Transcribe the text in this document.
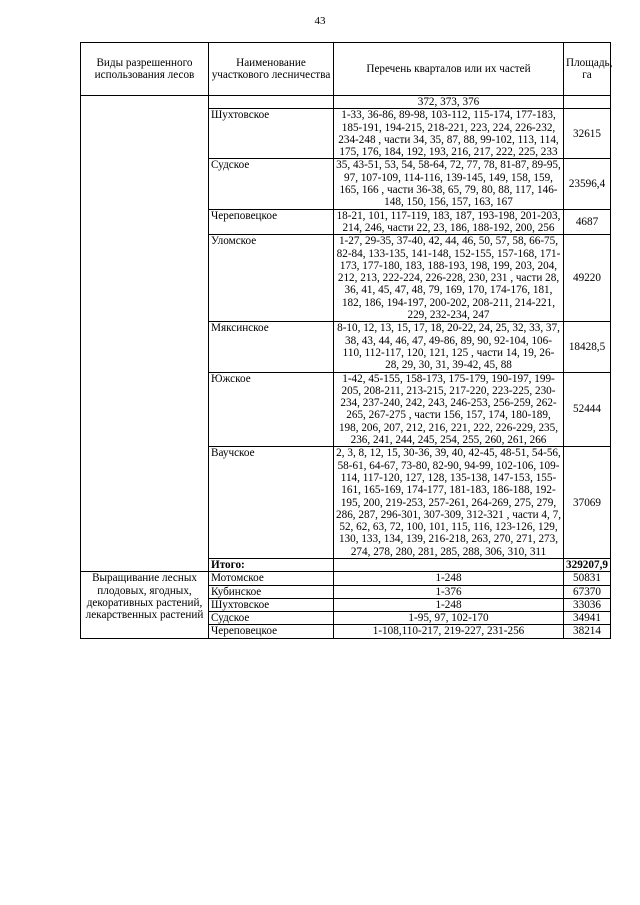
43
Виды разрешенного использования лесов	Наименование участкового лесничества	Перечень кварталов или их частей	Площадь, га
		372, 373, 376	
	Шухтовское	1-33, 36-86, 89-98, 103-112, 115-174, 177-183, 185-191, 194-215, 218-221, 223, 224, 226-232, 234-248 , части 34, 35, 87, 88, 99-102, 113, 114, 175, 176, 184, 192, 193, 216, 217, 222, 225, 233	32615
	Судское	35, 43-51, 53, 54, 58-64, 72, 77, 78, 81-87, 89-95, 97, 107-109, 114-116, 139-145, 149, 158, 159, 165, 166 , части 36-38, 65, 79, 80, 88, 117, 146-148, 150, 156, 157, 163, 167	23596,4
	Череповецкое	18-21, 101, 117-119, 183, 187, 193-198, 201-203, 214, 246, части 22, 23, 186, 188-192, 200, 256	4687
	Уломское	1-27, 29-35, 37-40, 42, 44, 46, 50, 57, 58, 66-75, 82-84, 133-135, 141-148, 152-155, 157-168, 171-173, 177-180, 183, 188-193, 198, 199, 203, 204, 212, 213, 222-224, 226-228, 230, 231 , части 28, 36, 41, 45, 47, 48, 79, 169, 170, 174-176, 181, 182, 186, 194-197, 200-202, 208-211, 214-221, 229, 232-234, 247	49220
	Мяксинское	8-10, 12, 13, 15, 17, 18, 20-22, 24, 25, 32, 33, 37, 38, 43, 44, 46, 47, 49-86, 89, 90, 92-104, 106-110, 112-117, 120, 121, 125 , части 14, 19, 26-28, 29, 30, 31, 39-42, 45, 88	18428,5
	Южское	1-42, 45-155, 158-173, 175-179, 190-197, 199-205, 208-211, 213-215, 217-220, 223-225, 230-234, 237-240, 242, 243, 246-253, 256-259, 262-265, 267-275 , части 156, 157, 174, 180-189, 198, 206, 207, 212, 216, 221, 222, 226-229, 235, 236, 241, 244, 245, 254, 255, 260, 261, 266	52444
	Ваучское	2, 3, 8, 12, 15, 30-36, 39, 40, 42-45, 48-51, 54-56, 58-61, 64-67, 73-80, 82-90, 94-99, 102-106, 109-114, 117-120, 127, 128, 135-138, 147-153, 155-161, 165-169, 174-177, 181-183, 186-188, 192-195, 200, 219-253, 257-261, 264-269, 275, 279, 286, 287, 296-301, 307-309, 312-321 , части 4, 7, 52, 62, 63, 72, 100, 101, 115, 116, 123-126, 129, 130, 133, 134, 139, 216-218, 263, 270, 271, 273, 274, 278, 280, 281, 285, 288, 306, 310, 311	37069
	Итого:		329207,9
Выращивание лесных плодовых, ягодных, декоративных растений, лекарственных растений	Мотомское	1-248	50831
	Кубинское	1-376	67370
	Шухтовское	1-248	33036
	Судское	1-95, 97, 102-170	34941
	Череповецкое	1-108,110-217, 219-227, 231-256	38214
